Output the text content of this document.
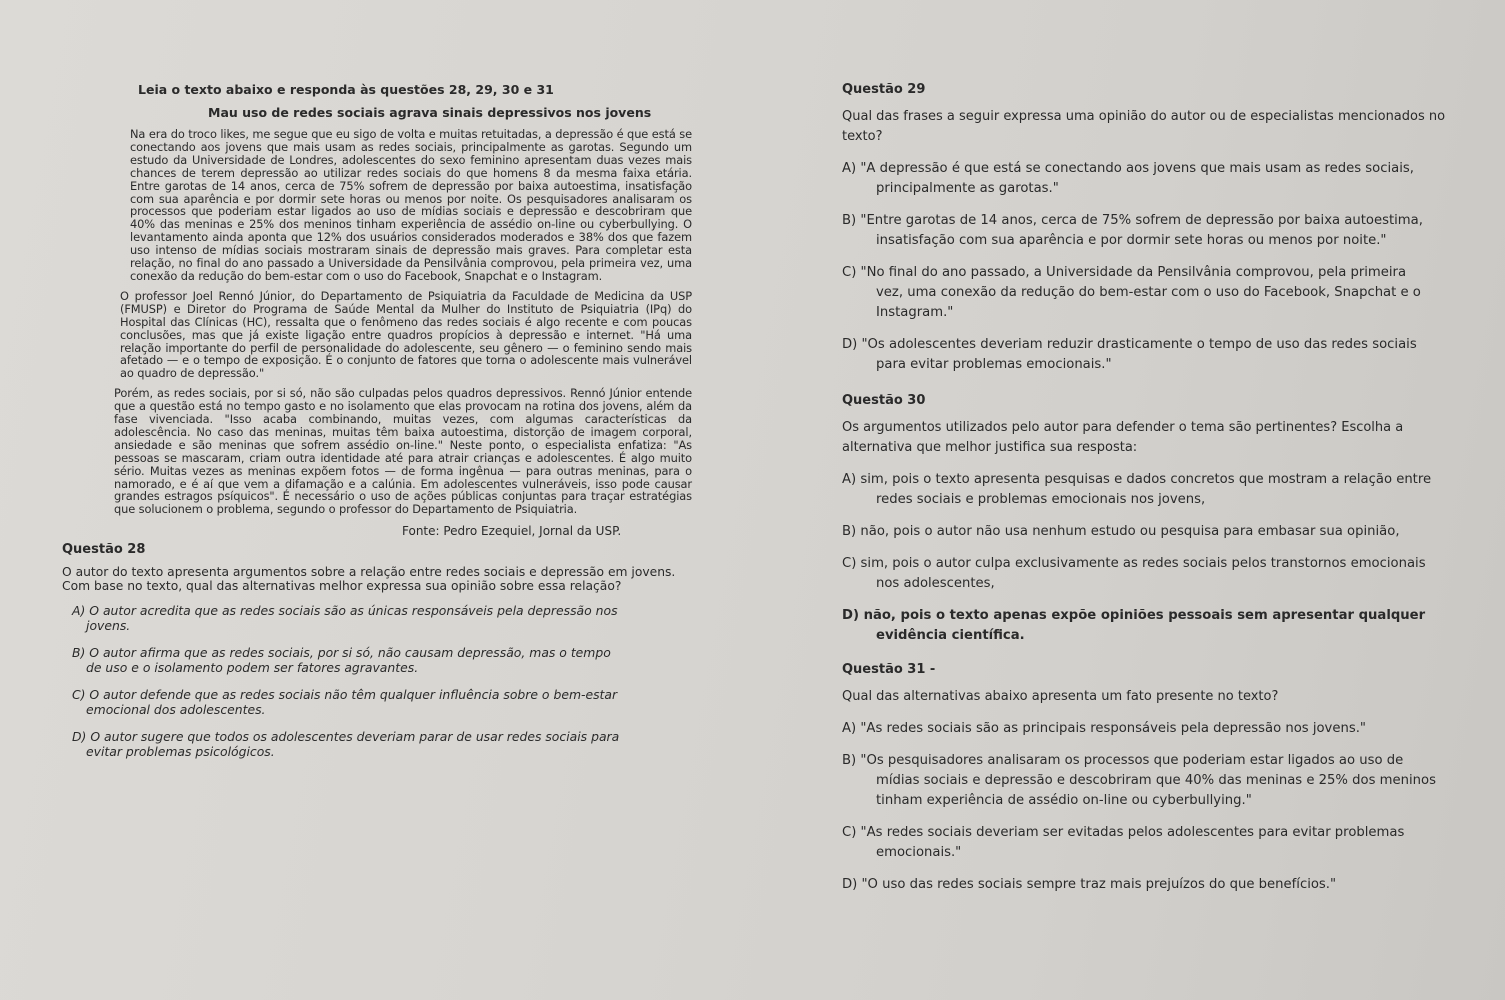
Leia o texto abaixo e responda às questões 28, 29, 30 e 31
Mau uso de redes sociais agrava sinais depressivos nos jovens

Na era do troco likes, me segue que eu sigo de volta e muitas retuitadas, a depressão é que está se conectando aos jovens que mais usam as redes sociais, principalmente as garotas. Segundo um estudo da Universidade de Londres, adolescentes do sexo feminino apresentam duas vezes mais chances de terem depressão ao utilizar redes sociais do que homens 8 da mesma faixa etária. Entre garotas de 14 anos, cerca de 75% sofrem de depressão por baixa autoestima, insatisfação com sua aparência e por dormir sete horas ou menos por noite. Os pesquisadores analisaram os processos que poderiam estar ligados ao uso de mídias sociais e depressão e descobriram que 40% das meninas e 25% dos meninos tinham experiência de assédio on-line ou cyberbullying. O levantamento ainda aponta que 12% dos usuários considerados moderados e 38% dos que fazem uso intenso de mídias sociais mostraram sinais de depressão mais graves. Para completar esta relação, no final do ano passado a Universidade da Pensilvânia comprovou, pela primeira vez, uma conexão da redução do bem-estar com o uso do Facebook, Snapchat e o Instagram.

O professor Joel Rennó Júnior, do Departamento de Psiquiatria da Faculdade de Medicina da USP (FMUSP) e Diretor do Programa de Saúde Mental da Mulher do Instituto de Psiquiatria (IPq) do Hospital das Clínicas (HC), ressalta que o fenômeno das redes sociais é algo recente e com poucas conclusões, mas que já existe ligação entre quadros propícios à depressão e internet. "Há uma relação importante do perfil de personalidade do adolescente, seu gênero — o feminino sendo mais afetado — e o tempo de exposição. É o conjunto de fatores que torna o adolescente mais vulnerável ao quadro de depressão."

Porém, as redes sociais, por si só, não são culpadas pelos quadros depressivos. Rennó Júnior entende que a questão está no tempo gasto e no isolamento que elas provocam na rotina dos jovens, além da fase vivenciada. "Isso acaba combinando, muitas vezes, com algumas características da adolescência. No caso das meninas, muitas têm baixa autoestima, distorção de imagem corporal, ansiedade e são meninas que sofrem assédio on-line." Neste ponto, o especialista enfatiza: "As pessoas se mascaram, criam outra identidade até para atrair crianças e adolescentes. É algo muito sério. Muitas vezes as meninas expõem fotos — de forma ingênua — para outras meninas, para o namorado, e é aí que vem a difamação e a calúnia. Em adolescentes vulneráveis, isso pode causar grandes estragos psíquicos". É necessário o uso de ações públicas conjuntas para traçar estratégias que solucionem o problema, segundo o professor do Departamento de Psiquiatria.

Fonte: Pedro Ezequiel, Jornal da USP.
Questão 28
O autor do texto apresenta argumentos sobre a relação entre redes sociais e depressão em jovens. Com base no texto, qual das alternativas melhor expressa sua opinião sobre essa relação?
A) O autor acredita que as redes sociais são as únicas responsáveis pela depressão nos
jovens.
B) O autor afirma que as redes sociais, por si só, não causam depressão, mas o tempo
de uso e o isolamento podem ser fatores agravantes.
C) O autor defende que as redes sociais não têm qualquer influência sobre o bem-estar
emocional dos adolescentes.
D) O autor sugere que todos os adolescentes deveriam parar de usar redes sociais para
evitar problemas psicológicos.
Questão 29
Qual das frases a seguir expressa uma opinião do autor ou de especialistas mencionados no texto?
A) "A depressão é que está se conectando aos jovens que mais usam as redes sociais,
principalmente as garotas."
B) "Entre garotas de 14 anos, cerca de 75% sofrem de depressão por baixa autoestima,
insatisfação com sua aparência e por dormir sete horas ou menos por noite."
C) "No final do ano passado, a Universidade da Pensilvânia comprovou, pela primeira
vez, uma conexão da redução do bem-estar com o uso do Facebook, Snapchat e o Instagram."
D) "Os adolescentes deveriam reduzir drasticamente o tempo de uso das redes sociais
para evitar problemas emocionais."
Questão 30
Os argumentos utilizados pelo autor para defender o tema são pertinentes? Escolha a alternativa que melhor justifica sua resposta:
A) sim, pois o texto apresenta pesquisas e dados concretos que mostram a relação entre
redes sociais e problemas emocionais nos jovens,
B) não, pois o autor não usa nenhum estudo ou pesquisa para embasar sua opinião,
C) sim, pois o autor culpa exclusivamente as redes sociais pelos transtornos emocionais
nos adolescentes,
D) não, pois o texto apenas expõe opiniões pessoais sem apresentar qualquer
evidência científica.
Questão 31 -
Qual das alternativas abaixo apresenta um fato presente no texto?
A) "As redes sociais são as principais responsáveis pela depressão nos jovens."
B) "Os pesquisadores analisaram os processos que poderiam estar ligados ao uso de
mídias sociais e depressão e descobriram que 40% das meninas e 25% dos meninos tinham experiência de assédio on-line ou cyberbullying."
C) "As redes sociais deveriam ser evitadas pelos adolescentes para evitar problemas
emocionais."
D) "O uso das redes sociais sempre traz mais prejuízos do que benefícios."
